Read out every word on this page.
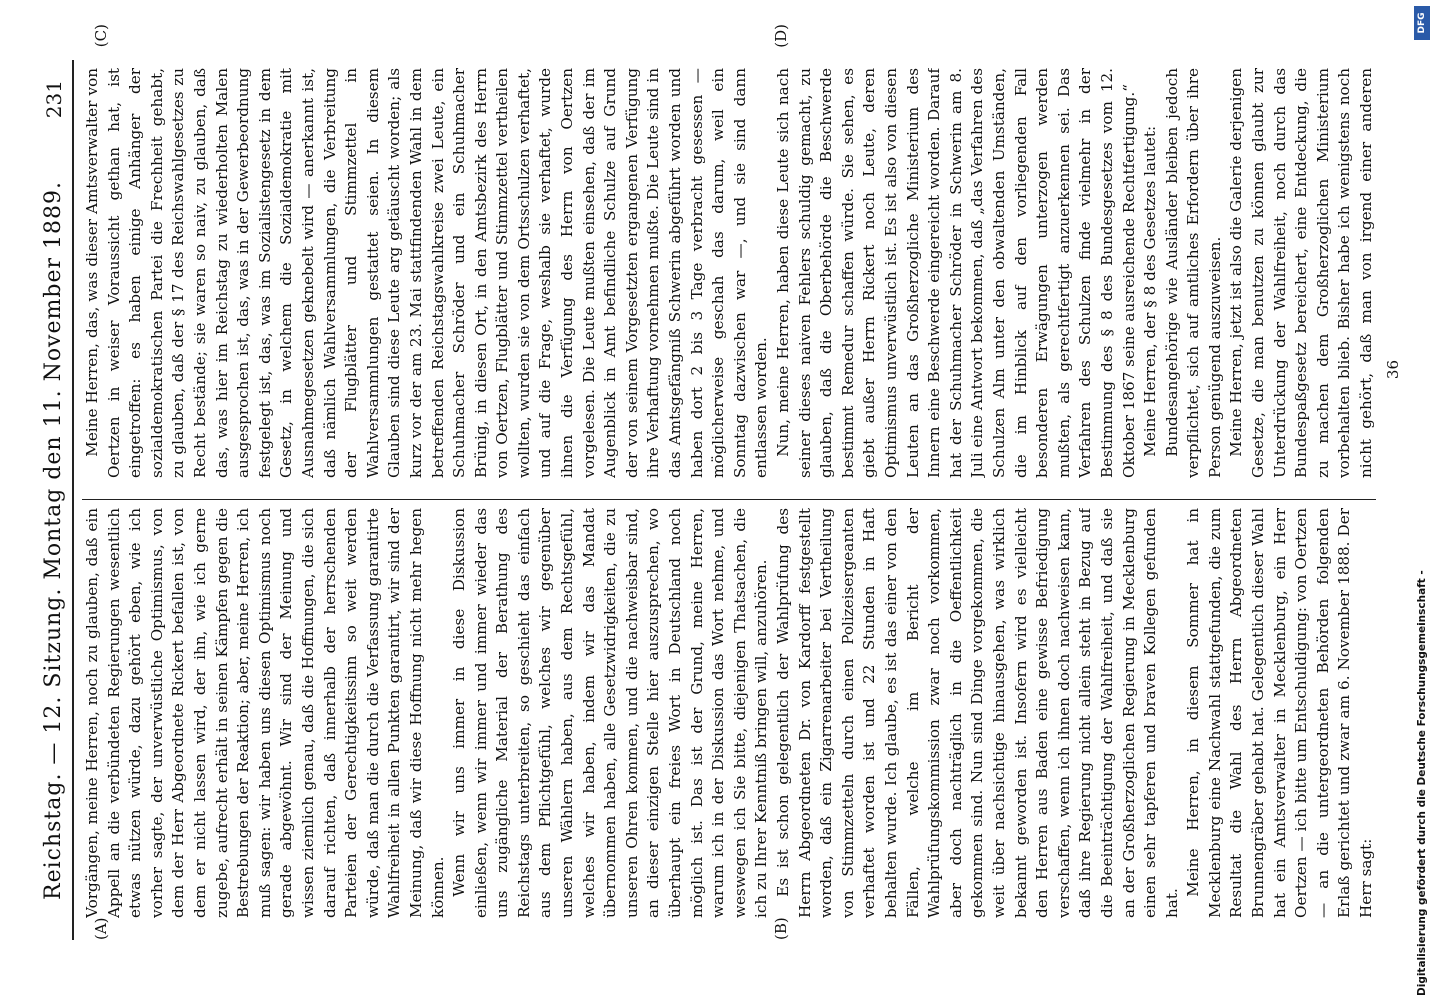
Reichstag. — 12. Sitzung. Montag den 11. November 1889.
231
(A)	(B)
(C)	(D)

Vorgängen, meine Herren, noch zu glauben, daß ein Appell an die verbündeten Regierungen wesentlich etwas nützen würde, dazu gehört eben, wie ich vorher sagte, der unverwüstliche Optimismus, von dem der Herr Abgeordnete Rickert befallen ist, von dem er nicht lassen wird, der ihn, wie ich gerne zugebe, aufrecht erhält in seinen Kämpfen gegen die Bestrebungen der Reaktion; aber, meine Herren, ich muß sagen: wir haben uns diesen Optimismus noch gerade abgewöhnt. Wir sind der Meinung und wissen ziemlich genau, daß die Hoffnungen, die sich darauf richten, daß innerhalb der herrschenden Parteien der Gerechtigkeitssinn so weit werden würde, daß man die durch die Verfassung garantirte Wahlfreiheit in allen Punkten garantirt, wir sind der Meinung, daß wir diese Hoffnung nicht mehr hegen können. Wenn wir uns immer in diese Diskussion einließen, wenn wir immer und immer wieder das uns zugängliche Material der Berathung des Reichstags unterbreiten, so geschieht das einfach aus dem Pflichtgefühl, welches wir gegenüber unseren Wählern haben, aus dem Rechtsgefühl, welches wir haben, indem wir das Mandat übernommen haben, alle Gesetzwidrigkeiten, die zu unseren Ohren kommen, und die nachweisbar sind, an dieser einzigen Stelle hier auszusprechen, wo überhaupt ein freies Wort in Deutschland noch möglich ist. Das ist der Grund, meine Herren, warum ich in der Diskussion das Wort nehme, und weswegen ich Sie bitte, diejenigen Thatsachen, die ich zu Ihrer Kenntniß bringen will, anzuhören. Es ist schon gelegentlich der Wahlprüfung des Herrn Abgeordneten Dr. von Kardorff festgestellt worden, daß ein Zigarrenarbeiter bei Vertheilung von Stimmzetteln durch einen Polizeisergeanten verhaftet worden ist und 22 Stunden in Haft behalten wurde. Ich glaube, es ist das einer von den Fällen, welche im Bericht der Wahlprüfungskommission zwar noch vorkommen, aber doch nachträglich in die Oeffentlichkeit gekommen sind. Nun sind Dinge vorgekommen, die weit über nachsichtige hinausgehen, was wirklich bekannt geworden ist. Insofern wird es vielleicht den Herren aus Baden eine gewisse Befriedigung verschaffen, wenn ich ihnen doch nachweisen kann, daß ihre Regierung nicht allein steht in Bezug auf die Beeinträchtigung der Wahlfreiheit, und daß sie an der Großherzoglichen Regierung in Mecklenburg einen sehr tapferen und braven Kollegen gefunden hat.

Meine Herren, in diesem Sommer hat in Mecklenburg eine Nachwahl stattgefunden, die zum Resultat die Wahl des Herrn Abgeordneten Brunnengräber gehabt hat. Gelegentlich dieser Wahl hat ein Amtsverwalter in Mecklenburg, ein Herr Oertzen — ich bitte um Entschuldigung: von Oertzen — an die untergeordneten Behörden folgenden Erlaß gerichtet und zwar am 6. November 1888. Der Herr sagt:

Meine Herren, das, was dieser Amtsverwalter von Oertzen in weiser Voraussicht gethan hat, ist eingetroffen: es haben einige Anhänger der sozialdemokratischen Partei die Frechheit gehabt, zu glauben, daß der § 17 des Reichswahlgesetzes zu Recht bestände; sie waren so naiv, zu glauben, daß das, was hier im Reichstag zu wiederholten Malen ausgesprochen ist, das, was in der Gewerbeordnung festgelegt ist, das, was im Sozialistengesetz in dem Gesetz, in welchem die Sozialdemokratie mit Ausnahmegesetzen geknebelt wird — anerkannt ist, daß nämlich Wahlversammlungen, die Verbreitung der Flugblätter und Stimmzettel in Wahlversammlungen gestattet seien. In diesem Glauben sind diese Leute arg getäuscht worden; als kurz vor der am 23. Mai stattfindenden Wahl in dem betreffenden Reichstagswahlkreise zwei Leute, ein Schuhmacher Schröder und ein Schuhmacher Brünig, in diesen Ort, in den Amtsbezirk des Herrn von Oertzen, Flugblätter und Stimmzettel vertheilen wollten, wurden sie von dem Ortsschulzen verhaftet, und auf die Frage, weshalb sie verhaftet, wurde ihnen die Verfügung des Herrn von Oertzen vorgelesen. Die Leute mußten einsehen, daß der im Augenblick in Amt befindliche Schulze auf Grund der von seinem Vorgesetzten ergangenen Verfügung ihre Verhaftung vornehmen mußte. Die Leute sind in das Amtsgefängniß Schwerin abgeführt worden und haben dort 2 bis 3 Tage verbracht gesessen — möglicherweise geschah das darum, weil ein Sonntag dazwischen war —, und sie sind dann entlassen worden. Nun, meine Herren, haben diese Leute sich nach seiner dieses naiven Fehlers schuldig gemacht, zu glauben, daß die Oberbehörde die Beschwerde bestimmt Remedur schaffen würde. Sie sehen, es giebt außer Herrn Rickert noch Leute, deren Optimismus unverwüstlich ist. Es ist also von diesen Leuten an das Großherzogliche Ministerium des Innern eine Beschwerde eingereicht worden. Darauf hat der Schuhmacher Schröder in Schwerin am 8. Juli eine Antwort bekommen, daß „das Verfahren des Schulzen Alm unter den obwaltenden Umständen, die im Hinblick auf den vorliegenden Fall besonderen Erwägungen unterzogen werden mußten, als gerechtfertigt anzuerkennen sei. Das Verfahren des Schulzen finde vielmehr in der Bestimmung des § 8 des Bundesgesetzes vom 12. Oktober 1867 seine ausreichende Rechtfertigung.“ Meine Herren, der § 8 des Gesetzes lautet: Bundesangehörige wie Ausländer bleiben jedoch verpflichtet, sich auf amtliches Erfordern über ihre Person genügend auszuweisen. Meine Herren, jetzt ist also die Galerie derjenigen Gesetze, die man benutzen zu können glaubt zur Unterdrückung der Wahlfreiheit, noch durch das Bundespaßgesetz bereichert, eine Entdeckung, die zu machen dem Großherzoglichen Ministerium vorbehalten blieb. Bisher habe ich wenigstens noch nicht gehört, daß man von irgend einer anderen

36
Digitalisierung gefördert durch die Deutsche Forschungsgemeinschaft -
DFG
